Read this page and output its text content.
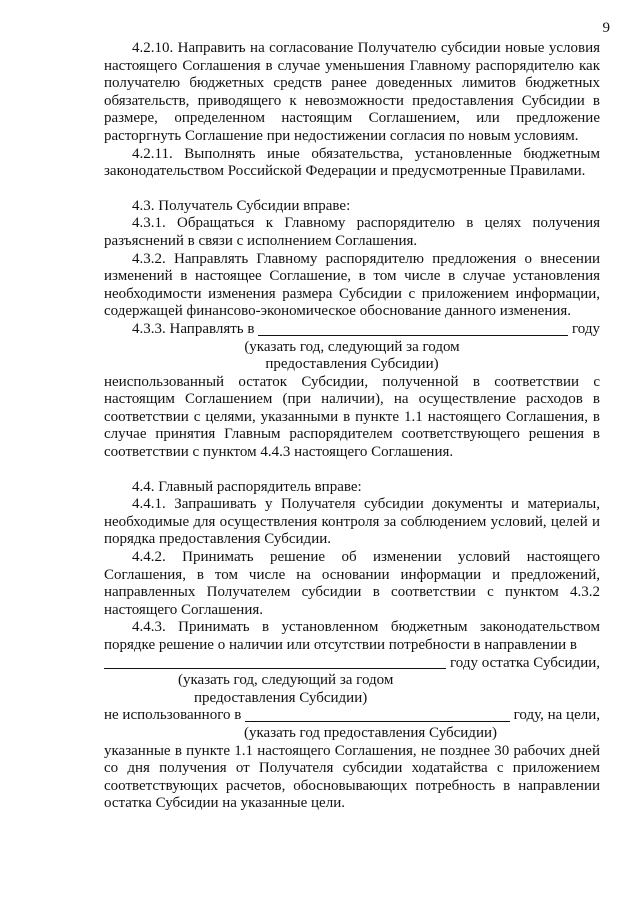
9

4.2.10. Направить на согласование Получателю субсидии новые условия настоящего Соглашения в случае уменьшения Главному распорядителю как получателю бюджетных средств ранее доведенных лимитов бюджетных обязательств, приводящего к невозможности предоставления Субсидии в размере, определенном настоящим Соглашением, или предложение расторгнуть Соглашение при недостижении согласия по новым условиям.

4.2.11. Выполнять иные обязательства, установленные бюджетным законодательством Российской Федерации и предусмотренные Правилами.

4.3. Получатель Субсидии вправе:

4.3.1. Обращаться к Главному распорядителю в целях получения разъяснений в связи с исполнением Соглашения.

4.3.2. Направлять Главному распорядителю предложения о внесении изменений в настоящее Соглашение, в том числе в случае установления необходимости изменения размера Субсидии с приложением информации, содержащей финансово-экономическое обоснование данного изменения.

4.3.3. Направлять в	году

(указать год, следующий за годом

предоставления Субсидии)

неиспользованный остаток Субсидии, полученной в соответствии с настоящим Соглашением (при наличии), на осуществление расходов в соответствии с целями, указанными в пункте 1.1 настоящего Соглашения, в случае принятия Главным распорядителем соответствующего решения в соответствии с пунктом 4.4.3 настоящего Соглашения.

4.4. Главный распорядитель вправе:

4.4.1. Запрашивать у Получателя субсидии документы и материалы, необходимые для осуществления контроля за соблюдением условий, целей и порядка предоставления Субсидии.

4.4.2. Принимать решение об изменении условий настоящего Соглашения, в том числе на основании информации и предложений, направленных Получателем субсидии в соответствии с пунктом 4.3.2 настоящего Соглашения.

4.4.3. Принимать в установленном бюджетным законодательством порядке решение о наличии или отсутствии потребности в направлении в

году остатка Субсидии,

(указать год, следующий за годом

предоставления Субсидии)

не использованного в	году, на цели,

(указать год предоставления Субсидии)

указанные в пункте 1.1 настоящего Соглашения, не позднее 30 рабочих дней со дня получения от Получателя субсидии ходатайства с приложением соответствующих расчетов, обосновывающих потребность в направлении остатка Субсидии на указанные цели.
